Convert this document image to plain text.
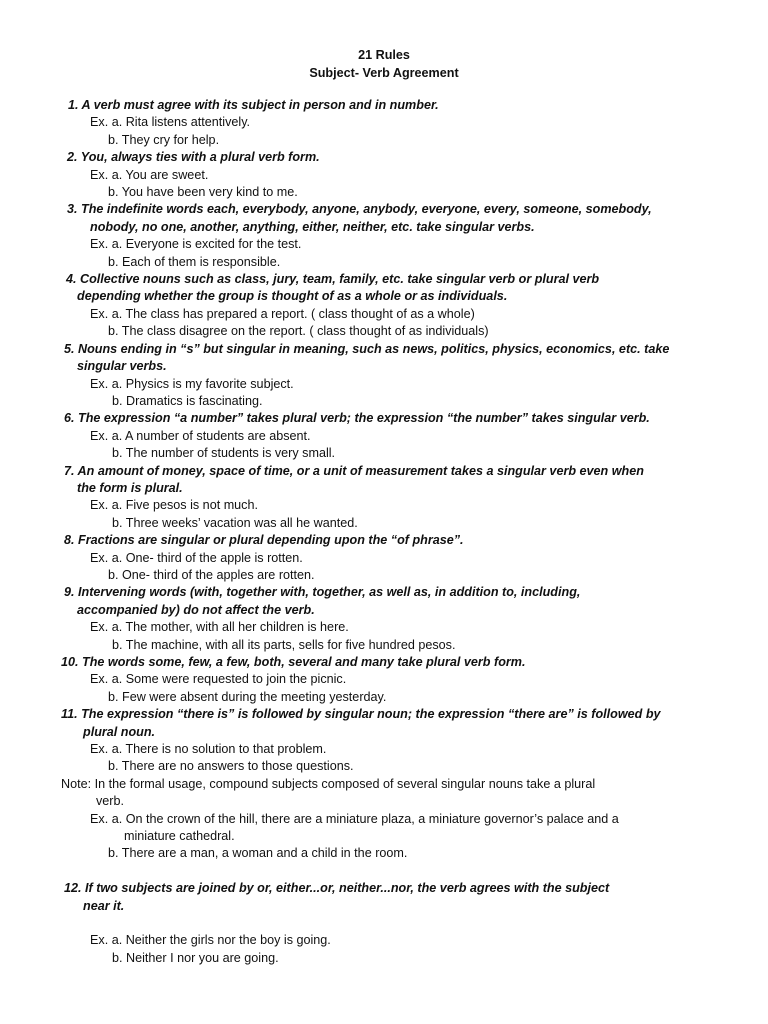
21 Rules
Subject- Verb Agreement
1. A verb must agree with its subject in person and in number.
Ex. a. Rita listens attentively.
b. They cry for help.
2. You, always ties with a plural verb form.
Ex. a. You are sweet.
b. You have been very kind to me.
3. The indefinite words each, everybody, anyone, anybody, everyone, every, someone, somebody,
nobody, no one, another, anything, either, neither, etc. take singular verbs.
Ex. a. Everyone is excited for the test.
b. Each of them is responsible.
4. Collective nouns such as class, jury, team, family, etc. take singular verb or plural verb
depending whether the group is thought of as a whole or as individuals.
Ex. a. The class has prepared a report. ( class thought of as a whole)
b. The class disagree on the report. ( class thought of as individuals)
5. Nouns ending in “s” but singular in meaning, such as news, politics, physics, economics, etc. take
singular verbs.
Ex. a. Physics is my favorite subject.
b. Dramatics is fascinating.
6. The expression “a number” takes plural verb; the expression “the number” takes singular verb.
Ex. a. A number of students are absent.
b. The number of students is very small.
7. An amount of money, space of time, or a unit of measurement takes a singular verb even when
the form is plural.
Ex. a. Five pesos is not much.
b. Three weeks’ vacation was all he wanted.
8. Fractions are singular or plural depending upon the “of phrase”.
Ex. a. One- third of the apple is rotten.
b. One- third of the apples are rotten.
9. Intervening words (with, together with, together, as well as, in addition to, including,
accompanied by) do not affect the verb.
Ex. a. The mother, with all her children is here.
b. The machine, with all its parts, sells for five hundred pesos.
10. The words some, few, a few, both, several and many take plural verb form.
Ex. a. Some were requested to join the picnic.
b. Few were absent during the meeting yesterday.
11. The expression “there is” is followed by singular noun; the expression “there are” is followed by
plural noun.
Ex. a. There is no solution to that problem.
b. There are no answers to those questions.
Note: In the formal usage, compound subjects composed of several singular nouns take a plural
verb.
Ex. a. On the crown of the hill, there are a miniature plaza, a miniature governor’s palace and a
miniature cathedral.
b. There are a man, a woman and a child in the room.
12. If two subjects are joined by or, either...or, neither...nor, the verb agrees with the subject
near it.
Ex. a. Neither the girls nor the boy is going.
b. Neither I nor you are going.
